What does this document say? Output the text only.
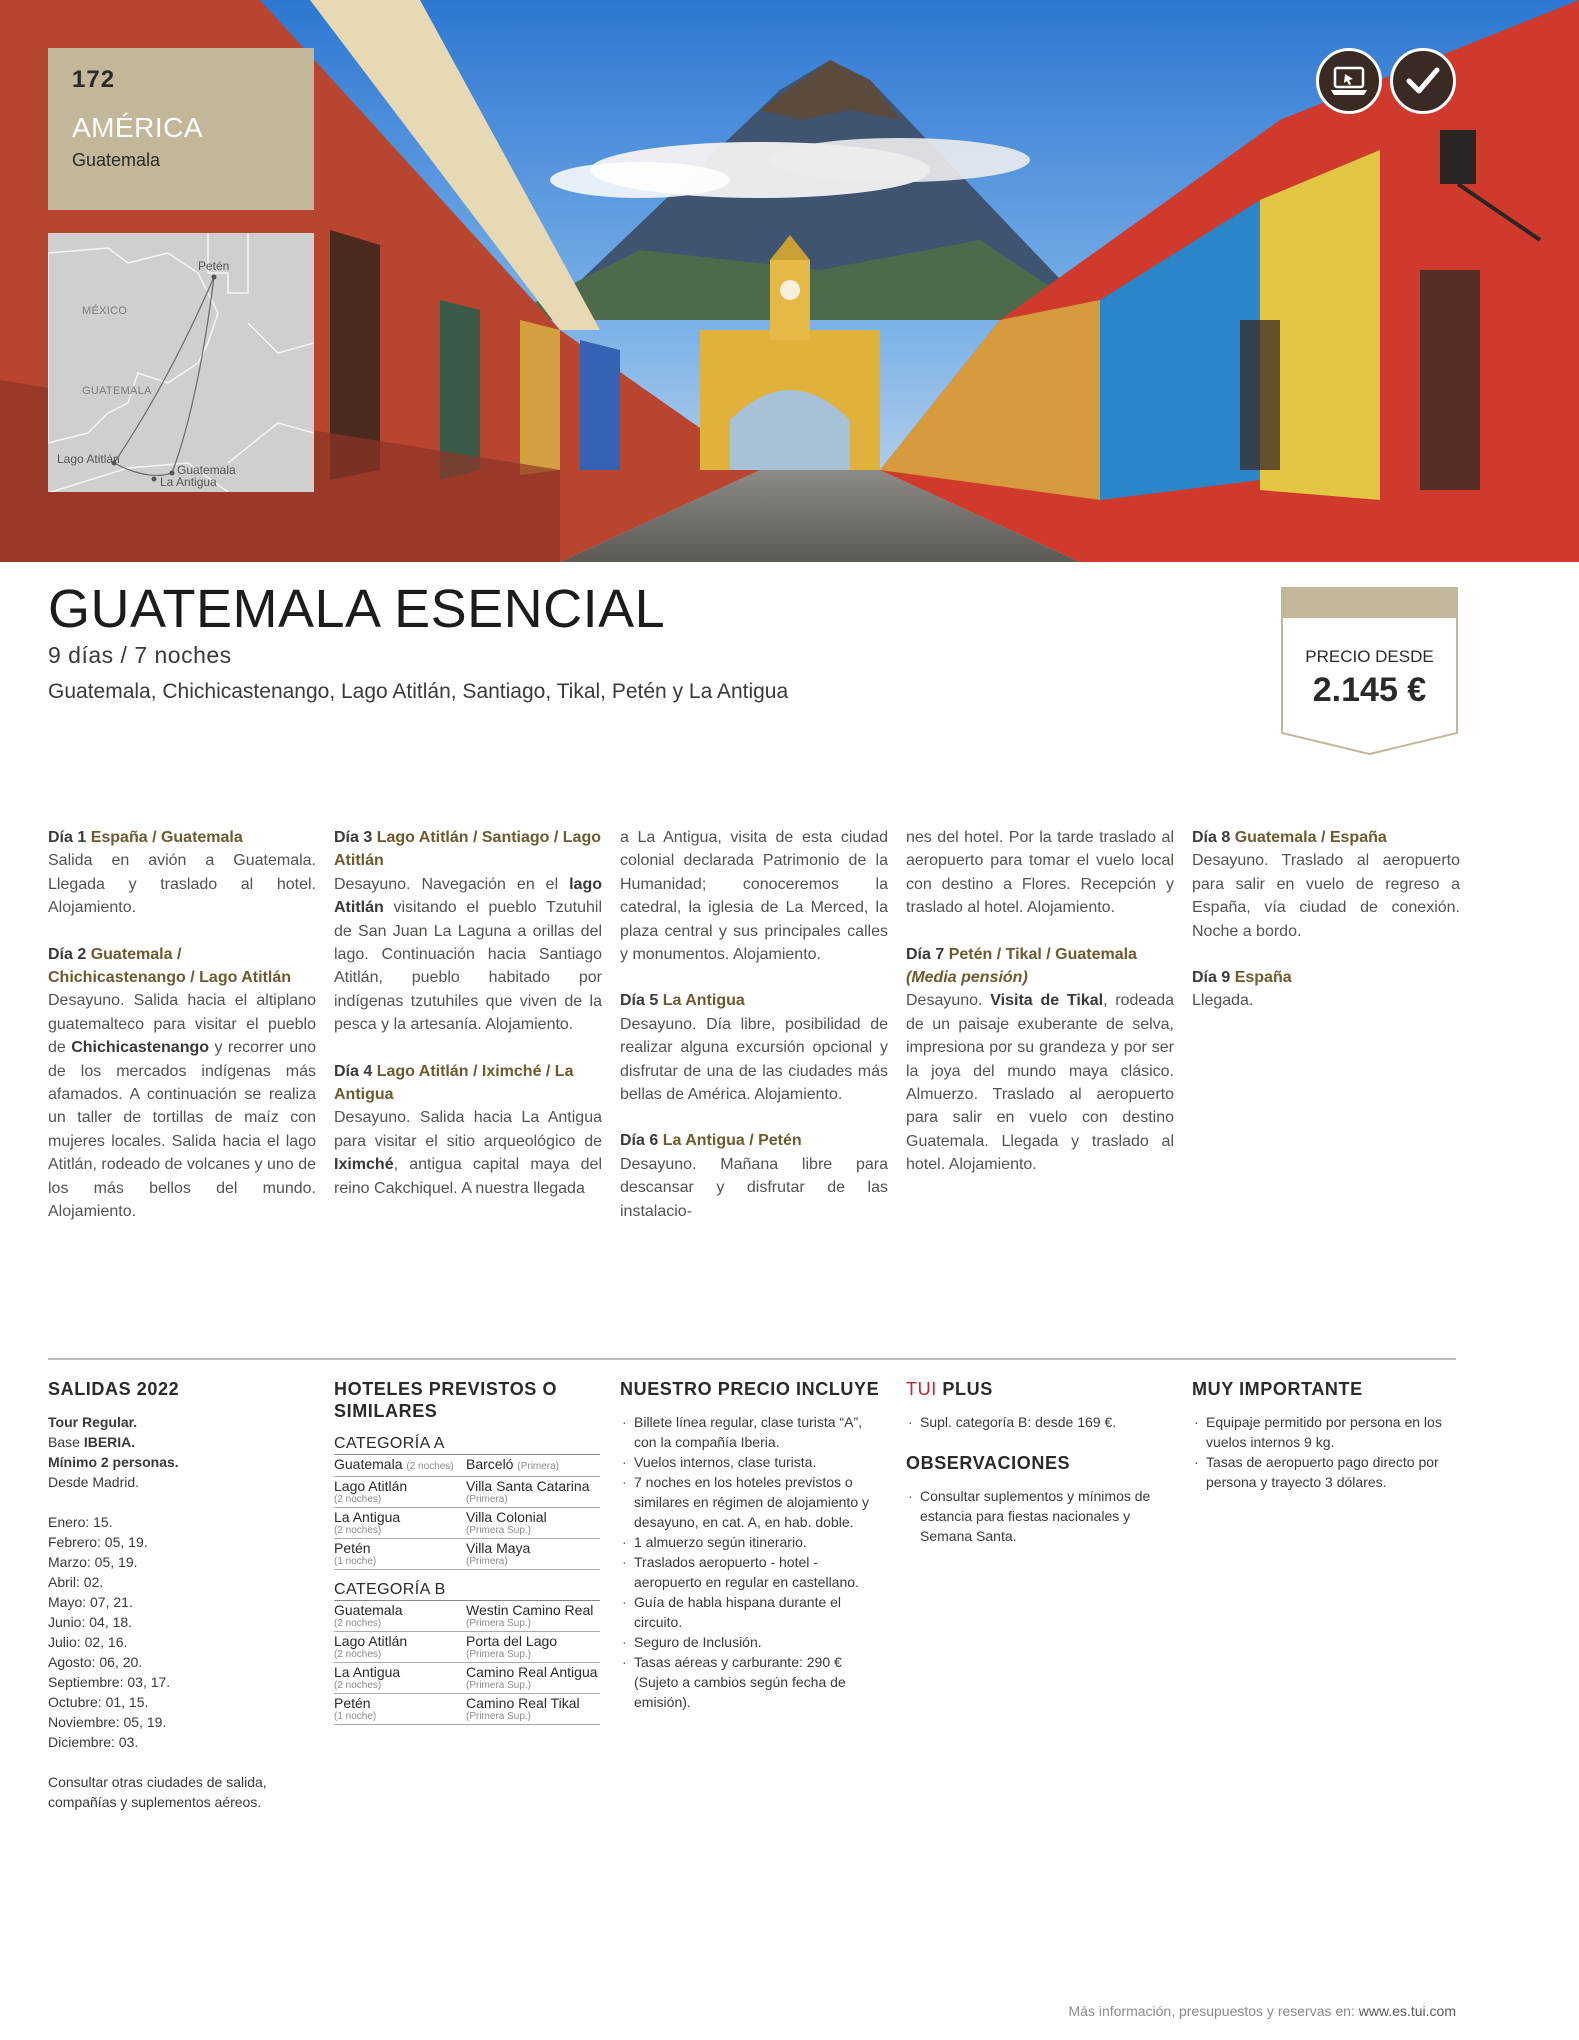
172
AMÉRICA
Guatemala
MÉXICO
GUATEMALA
Petén
Lago Atitlán
Guatemala
La Antigua
GUATEMALA ESENCIAL
9 días / 7 noches
Guatemala, Chichicastenango, Lago Atitlán, Santiago, Tikal, Petén y La Antigua
PRECIO DESDE
2.145 €
Día 1 España / Guatemala

Salida en avión a Guatemala. Llegada y traslado al hotel. Alojamiento.

Día 2 Guatemala / Chichicastenango / Lago Atitlán

Desayuno. Salida hacia el altiplano guatemalteco para visitar el pueblo de Chichicastenango y recorrer uno de los mercados indígenas más afamados. A continuación se realiza un taller de tortillas de maíz con mujeres locales. Salida hacia el lago Atitlán, rodeado de volcanes y uno de los más bellos del mundo. Alojamiento.

Día 3 Lago Atitlán / Santiago / Lago Atitlán

Desayuno. Navegación en el lago Atitlán visitando el pueblo Tzutuhil de San Juan La Laguna a orillas del lago. Continuación hacia Santiago Atitlán, pueblo habitado por indígenas tzutuhiles que viven de la pesca y la artesanía. Alojamiento.

Día 4 Lago Atitlán / Iximché / La Antigua

Desayuno. Salida hacia La Antigua para visitar el sitio arqueológico de Iximché, antigua capital maya del reino Cakchiquel. A nuestra llegada

a La Antigua, visita de esta ciudad colonial declarada Patrimonio de la Humanidad; conoceremos la catedral, la iglesia de La Merced, la plaza central y sus principales calles y monumentos. Alojamiento.

Día 5 La Antigua

Desayuno. Día libre, posibilidad de realizar alguna excursión opcional y disfrutar de una de las ciudades más bellas de América. Alojamiento.

Día 6 La Antigua / Petén

Desayuno. Mañana libre para descansar y disfrutar de las instalacio-

nes del hotel. Por la tarde traslado al aeropuerto para tomar el vuelo local con destino a Flores. Recepción y traslado al hotel. Alojamiento.

Día 7 Petén / Tikal / Guatemala
(Media pensión)

Desayuno. Visita de Tikal, rodeada de un paisaje exuberante de selva, impresiona por su grandeza y por ser la joya del mundo maya clásico. Almuerzo. Traslado al aeropuerto para salir en vuelo con destino Guatemala. Llegada y traslado al hotel. Alojamiento.

Día 8 Guatemala / España

Desayuno. Traslado al aeropuerto para salir en vuelo de regreso a España, vía ciudad de conexión. Noche a bordo.

Día 9 España

Llegada.

SALIDAS 2022
Tour Regular.
Base IBERIA.
Mínimo 2 personas.
Desde Madrid.
Enero: 15.
Febrero: 05, 19.
Marzo: 05, 19.
Abril: 02.
Mayo: 07, 21.
Junio: 04, 18.
Julio: 02, 16.
Agosto: 06, 20.
Septiembre: 03, 17.
Octubre: 01, 15.
Noviembre: 05, 19.
Diciembre: 03.
Consultar otras ciudades de salida, compañías y suplementos aéreos.
HOTELES PREVISTOS O SIMILARES
CATEGORÍA A
Guatemala (2 noches) Barceló (Primera)
Lago Atitlán
(2 noches)
Villa Santa Catarina
(Primera)
La Antigua
(2 noches)
Villa Colonial
(Primera Sup.)
Petén
(1 noche)
Villa Maya
(Primera)
CATEGORÍA B
Guatemala
(2 noches)
Westin Camino Real
(Primera Sup.)
Lago Atitlán
(2 noches)
Porta del Lago
(Primera Sup.)
La Antigua
(2 noches)
Camino Real Antigua
(Primera Sup.)
Petén
(1 noche)
Camino Real Tikal
(Primera Sup.)
NUESTRO PRECIO INCLUYE
· Billete línea regular, clase turista “A”, con la compañía Iberia.
· Vuelos internos, clase turista.
· 7 noches en los hoteles previstos o similares en régimen de alojamiento y desayuno, en cat. A, en hab. doble.
· 1 almuerzo según itinerario.
· Traslados aeropuerto - hotel - aeropuerto en regular en castellano.
· Guía de habla hispana durante el circuito.
· Seguro de Inclusión.
· Tasas aéreas y carburante: 290 € (Sujeto a cambios según fecha de emisión).
TUI PLUS
· Supl. categoría B: desde 169 €.
OBSERVACIONES
· Consultar suplementos y mínimos de estancia para fiestas nacionales y Semana Santa.
MUY IMPORTANTE
· Equipaje permitido por persona en los vuelos internos 9 kg.
· Tasas de aeropuerto pago directo por persona y trayecto 3 dólares.
Más información, presupuestos y reservas en: www.es.tui.com
